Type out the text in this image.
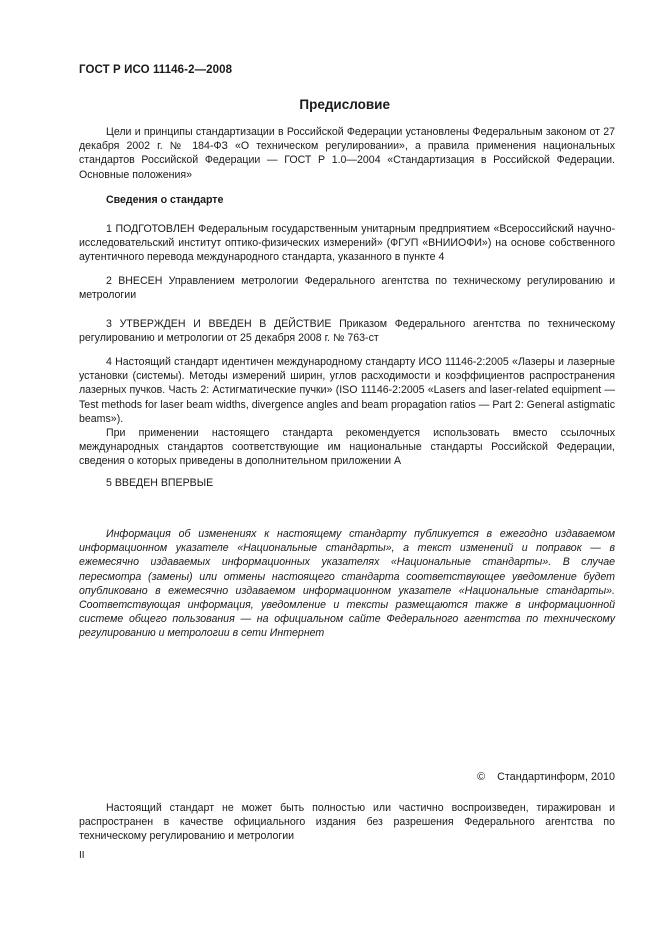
ГОСТ Р ИСО 11146-2—2008
Предисловие

Цели и принципы стандартизации в Российской Федерации установлены Федеральным законом от 27 декабря 2002 г. № 184-ФЗ «О техническом регулировании», а правила применения национальных стандартов Российской Федерации — ГОСТ Р 1.0—2004 «Стандартизация в Российской Федерации. Основные положения»

Сведения о стандарте

1 ПОДГОТОВЛЕН Федеральным государственным унитарным предприятием «Всероссийский научно-исследовательский институт оптико-физических измерений» (ФГУП «ВНИИОФИ») на основе собственного аутентичного перевода международного стандарта, указанного в пункте 4

2 ВНЕСЕН Управлением метрологии Федерального агентства по техническому регулированию и метрологии

3 УТВЕРЖДЕН И ВВЕДЕН В ДЕЙСТВИЕ Приказом Федерального агентства по техническому регулированию и метрологии от 25 декабря 2008 г. № 763-ст

4 Настоящий стандарт идентичен международному стандарту ИСО 11146-2:2005 «Лазеры и лазерные установки (системы). Методы измерений ширин, углов расходимости и коэффициентов распространения лазерных пучков. Часть 2: Астигматические пучки» (ISO 11146-2:2005 «Lasers and laser-related equipment — Test methods for laser beam widths, divergence angles and beam propagation ratios — Part 2: General astigmatic beams»).

При применении настоящего стандарта рекомендуется использовать вместо ссылочных международных стандартов соответствующие им национальные стандарты Российской Федерации, сведения о которых приведены в дополнительном приложении А

5 ВВЕДЕН ВПЕРВЫЕ

Информация об изменениях к настоящему стандарту публикуется в ежегодно издаваемом информационном указателе «Национальные стандарты», а текст изменений и поправок — в ежемесячно издаваемых информационных указателях «Национальные стандарты». В случае пересмотра (замены) или отмены настоящего стандарта соответствующее уведомление будет опубликовано в ежемесячно издаваемом информационном указателе «Национальные стандарты». Соответствующая информация, уведомление и тексты размещаются также в информационной системе общего пользования — на официальном сайте Федерального агентства по техническому регулированию и метрологии в сети Интернет

© Стандартинформ, 2010

Настоящий стандарт не может быть полностью или частично воспроизведен, тиражирован и распространен в качестве официального издания без разрешения Федерального агентства по техническому регулированию и метрологии

II
